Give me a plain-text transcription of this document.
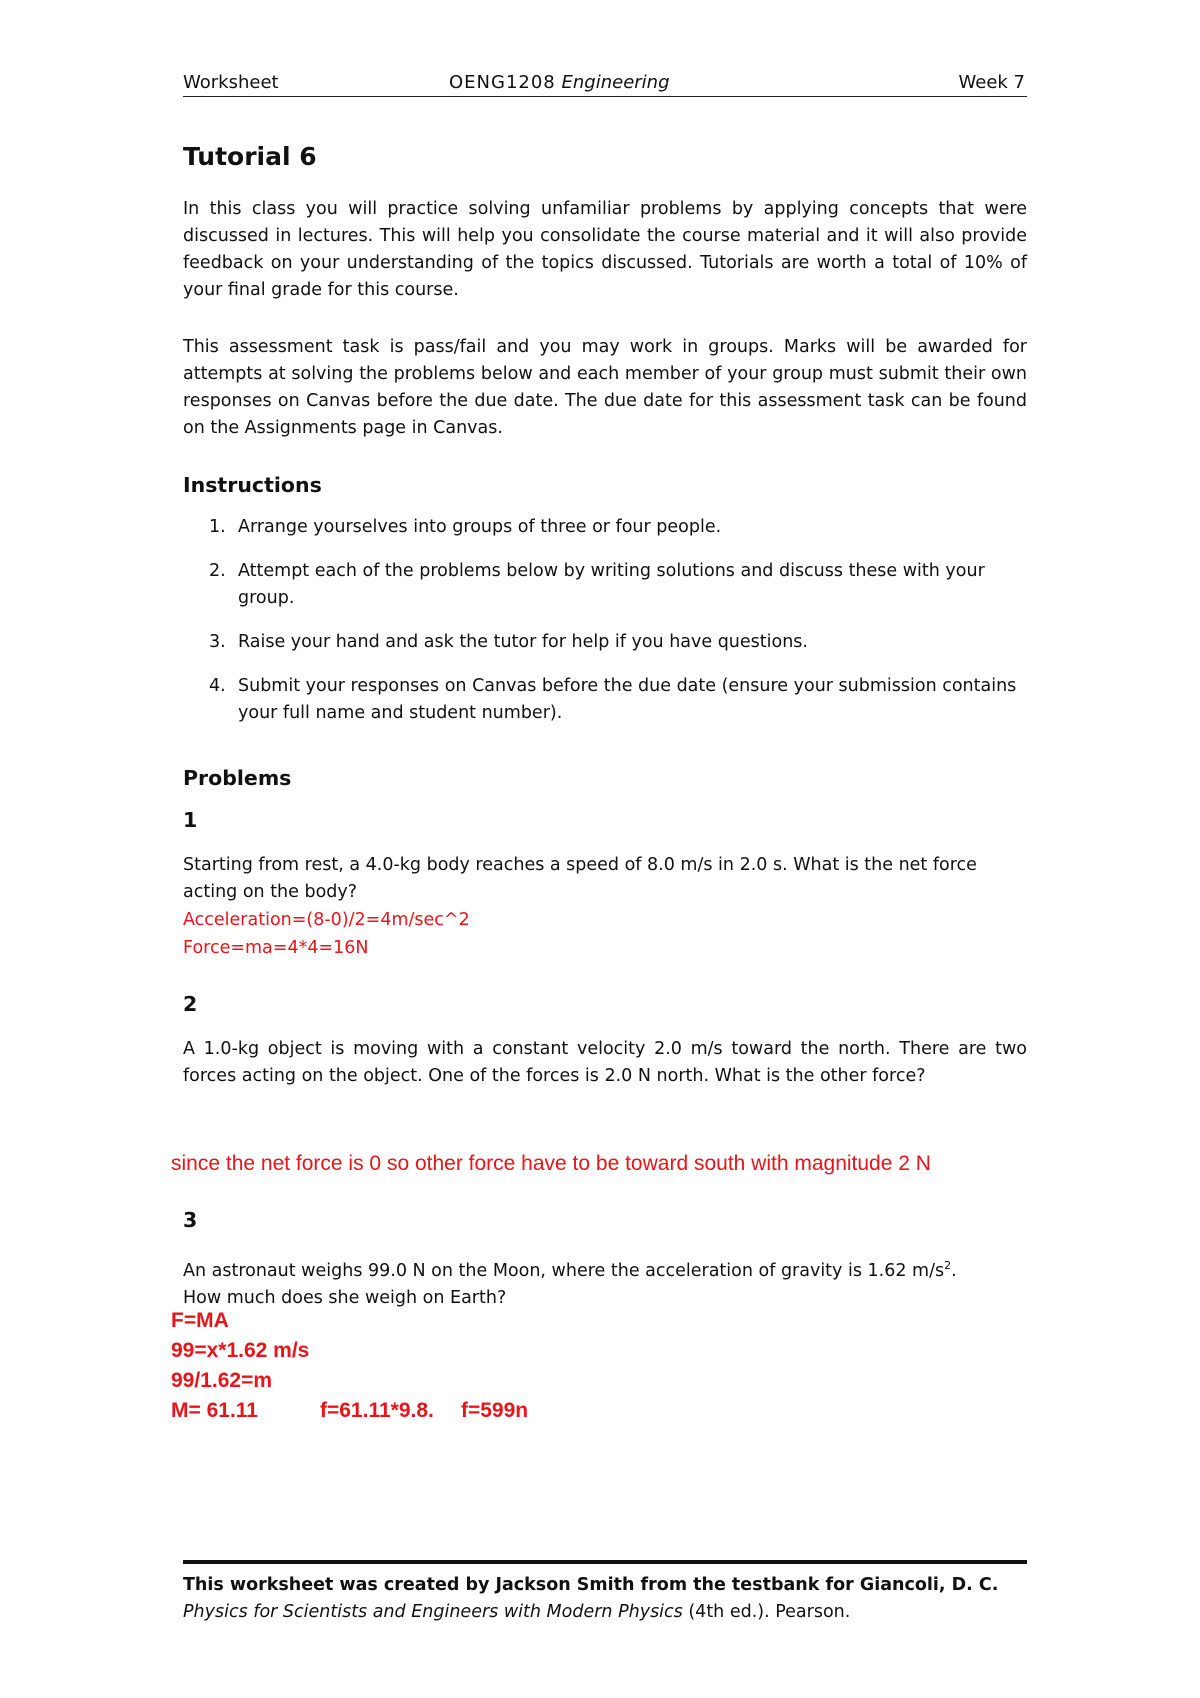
Worksheet	OENG1208 Engineering	Week 7
Tutorial 6

In this class you will practice solving unfamiliar problems by applying concepts that were discussed in lectures. This will help you consolidate the course material and it will also provide feedback on your understanding of the topics discussed. Tutorials are worth a total of 10% of your final grade for this course.

This assessment task is pass/fail and you may work in groups. Marks will be awarded for attempts at solving the problems below and each member of your group must submit their own responses on Canvas before the due date. The due date for this assessment task can be found on the Assignments page in Canvas.

Instructions
1. Arrange yourselves into groups of three or four people.
2. Attempt each of the problems below by writing solutions and discuss these with your group.
3. Raise your hand and ask the tutor for help if you have questions.
4. Submit your responses on Canvas before the due date (ensure your submission contains your full name and student number).
Problems
1

Starting from rest, a 4.0-kg body reaches a speed of 8.0 m/s in 2.0 s. What is the net force acting on the body?

Acceleration=(8-0)/2=4m/sec^2

Force=ma=4*4=16N

2

A 1.0-kg object is moving with a constant velocity 2.0 m/s toward the north. There are two forces acting on the object. One of the forces is 2.0 N north. What is the other force?

since the net force is 0 so other force have to be toward south with magnitude 2 N

3

An astronaut weighs 99.0 N on the Moon, where the acceleration of gravity is 1.62 $m/s^2$.
How much does she weigh on Earth?

F=MA

99=x*1.62 m/s

99/1.62=m

M= 61.11	f=61.11*9.8. f=599n

This worksheet was created by Jackson Smith from the testbank for Giancoli, D. C.
Physics for Scientists and Engineers with Modern Physics (4th ed.). Pearson.
